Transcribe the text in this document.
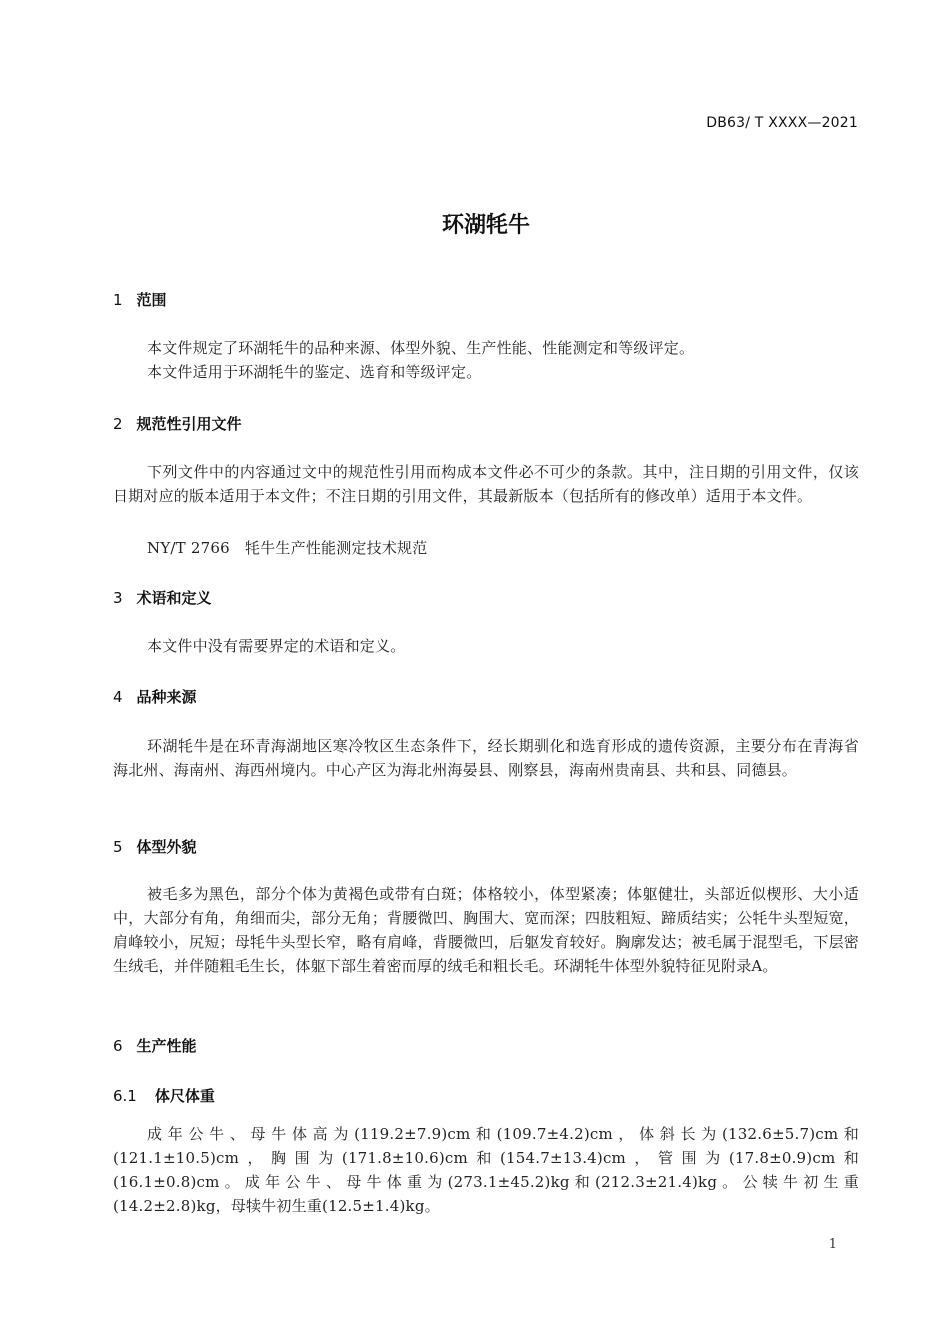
DB63/ T XXXX—2021
环湖牦牛
1 范围

本文件规定了环湖牦牛的品种来源、体型外貌、生产性能、性能测定和等级评定。

本文件适用于环湖牦牛的鉴定、选育和等级评定。

2 规范性引用文件

下列文件中的内容通过文中的规范性引用而构成本文件必不可少的条款。其中，注日期的引用文件，仅该日期对应的版本适用于本文件；不注日期的引用文件，其最新版本（包括所有的修改单）适用于本文件。

NY/T 2766　牦牛生产性能测定技术规范

3 术语和定义

本文件中没有需要界定的术语和定义。

4 品种来源

环湖牦牛是在环青海湖地区寒冷牧区生态条件下，经长期驯化和选育形成的遗传资源，主要分布在青海省海北州、海南州、海西州境内。中心产区为海北州海晏县、刚察县，海南州贵南县、共和县、同德县。

5 体型外貌

被毛多为黑色，部分个体为黄褐色或带有白斑；体格较小，体型紧凑；体躯健壮，头部近似楔形、大小适中，大部分有角，角细而尖，部分无角；背腰微凹、胸围大、宽而深；四肢粗短、蹄质结实；公牦牛头型短宽，肩峰较小，尻短；母牦牛头型长窄，略有肩峰，背腰微凹，后躯发育较好。胸廓发达；被毛属于混型毛，下层密生绒毛，并伴随粗毛生长，体躯下部生着密而厚的绒毛和粗长毛。环湖牦牛体型外貌特征见附录A。

6 生产性能
6.1 体尺体重

成年公牛、母牛体高为(119.2±7.9)cm和(109.7±4.2)cm，体斜长为(132.6±5.7)cm和(121.1±10.5)cm，胸围为(171.8±10.6)cm和(154.7±13.4)cm，管围为(17.8±0.9)cm和(16.1±0.8)cm。成年公牛、母牛体重为(273.1±45.2)kg和(212.3±21.4)kg。公犊牛初生重(14.2±2.8)kg，母犊牛初生重(12.5±1.4)kg。

1
